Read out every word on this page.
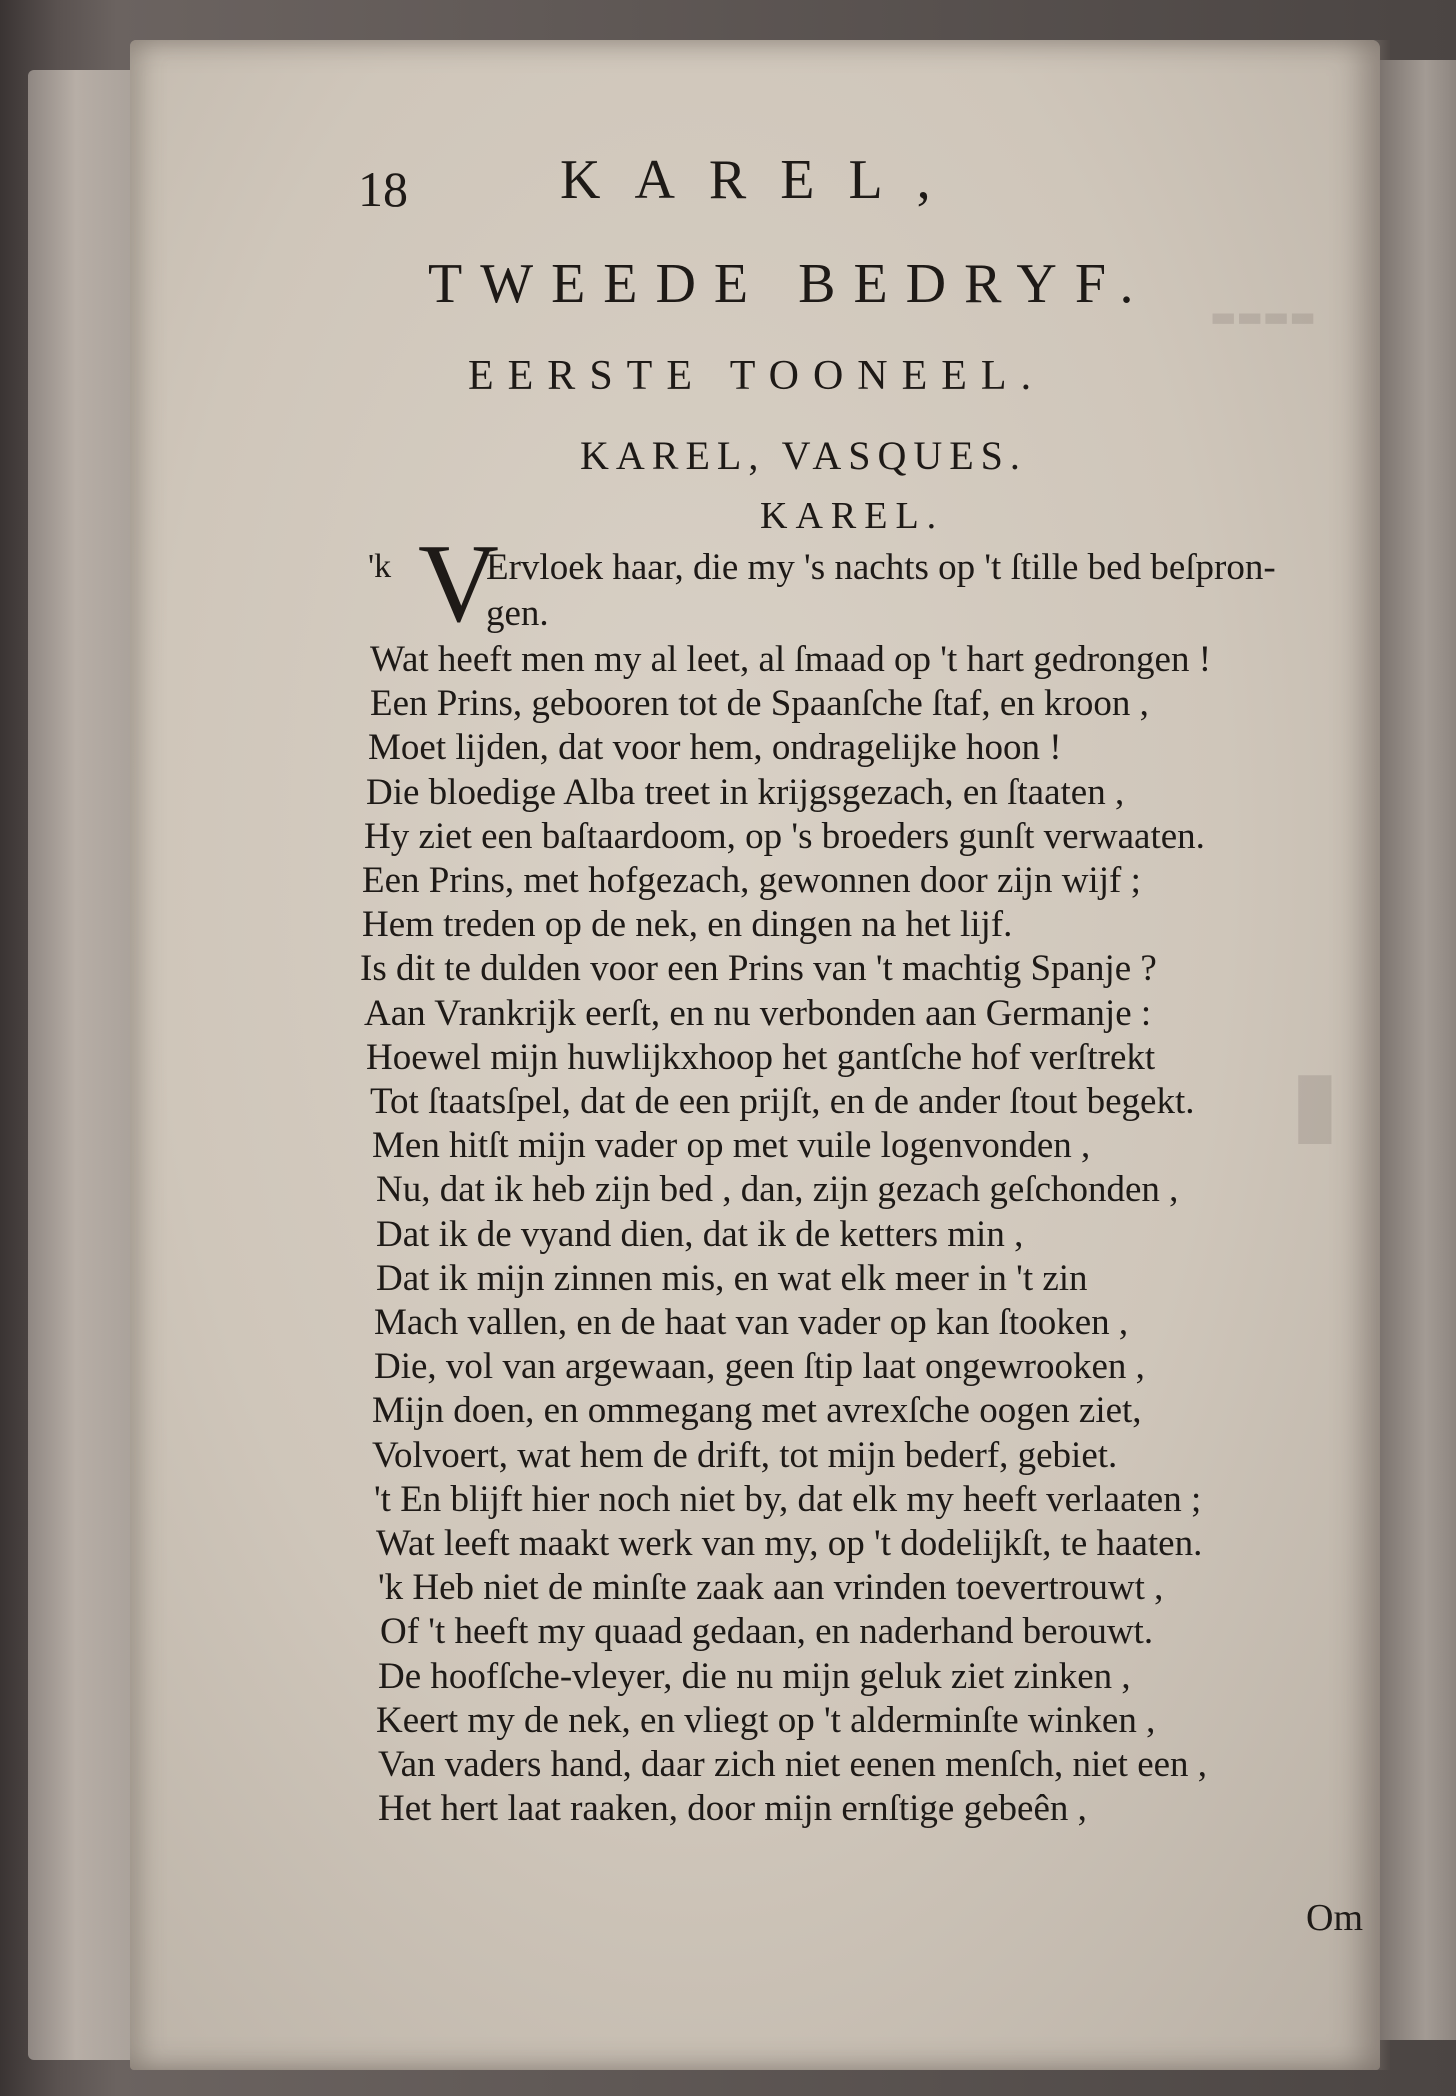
▬▬▬▬
▮
18	KAREL,
TWEEDE BEDRYF.
EERSTE TOONEEL.
KAREL, VASQUES.
KAREL.
'k V
Ervloek haar, die my 's nachts op 't ſtille bed beſpron-
gen.
Wat heeft men my al leet, al ſmaad op 't hart gedrongen !
Een Prins, gebooren tot de Spaanſche ſtaf, en kroon ,
Moet lijden, dat voor hem, ondragelijke hoon !
Die bloedige Alba treet in krijgsgezach, en ſtaaten ,
Hy ziet een baſtaardoom, op 's broeders gunſt verwaaten.
Een Prins, met hofgezach, gewonnen door zijn wijf ;
Hem treden op de nek, en dingen na het lijf.
Is dit te dulden voor een Prins van 't machtig Spanje ?
Aan Vrankrijk eerſt, en nu verbonden aan Germanje :
Hoewel mijn huwlijkxhoop het gantſche hof verſtrekt
Tot ſtaatsſpel, dat de een prijſt, en de ander ſtout begekt.
Men hitſt mijn vader op met vuile logenvonden ,
Nu, dat ik heb zijn bed , dan, zijn gezach geſchonden ,
Dat ik de vyand dien, dat ik de ketters min ,
Dat ik mijn zinnen mis, en wat elk meer in 't zin
Mach vallen, en de haat van vader op kan ſtooken ,
Die, vol van argewaan, geen ſtip laat ongewrooken ,
Mijn doen, en ommegang met avrexſche oogen ziet,
Volvoert, wat hem de drift, tot mijn bederf, gebiet.
't En blijft hier noch niet by, dat elk my heeft verlaaten ;
Wat leeft maakt werk van my, op 't dodelijkſt, te haaten.
'k Heb niet de minſte zaak aan vrinden toevertrouwt ,
Of 't heeft my quaad gedaan, en naderhand berouwt.
De hoofſche-vleyer, die nu mijn geluk ziet zinken ,
Keert my de nek, en vliegt op 't alderminſte winken ,
Van vaders hand, daar zich niet eenen menſch, niet een ,
Het hert laat raaken, door mijn ernſtige gebeên ,
Om
